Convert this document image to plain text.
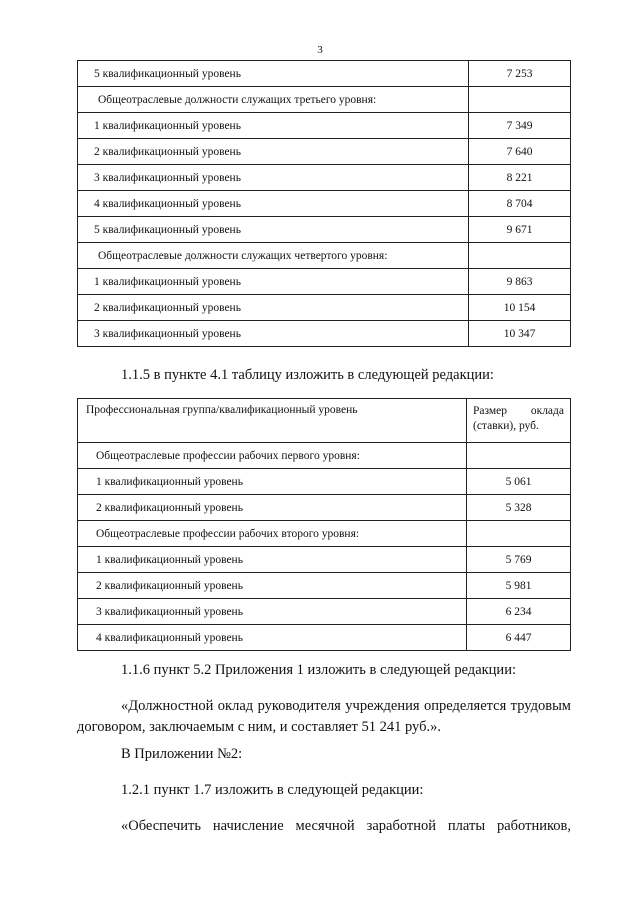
3
5 квалификационный уровень	7 253
Общеотраслевые должности служащих третьего уровня:	
1 квалификационный уровень	7 349
2 квалификационный уровень	7 640
3 квалификационный уровень	8 221
4 квалификационный уровень	8 704
5 квалификационный уровень	9 671
Общеотраслевые должности служащих четвертого уровня:	
1 квалификационный уровень	9 863
2 квалификационный уровень	10 154
3 квалификационный уровень	10 347
1.1.5 в пункте 4.1 таблицу изложить в следующей редакции:
Профессиональная группа/квалификационный уровень	Размер оклада
(ставки), руб.

Общеотраслевые профессии рабочих первого уровня:	
1 квалификационный уровень	5 061
2 квалификационный уровень	5 328
Общеотраслевые профессии рабочих второго уровня:	
1 квалификационный уровень	5 769
2 квалификационный уровень	5 981
3 квалификационный уровень	6 234
4 квалификационный уровень	6 447
1.1.6 пункт 5.2 Приложения 1 изложить в следующей редакции:
«Должностной оклад руководителя учреждения определяется трудовым
договором, заключаемым с ним, и составляет 51 241 руб.».
В Приложении №2:
1.2.1 пункт 1.7 изложить в следующей редакции:
«Обеспечить начисление месячной заработной платы работников,
